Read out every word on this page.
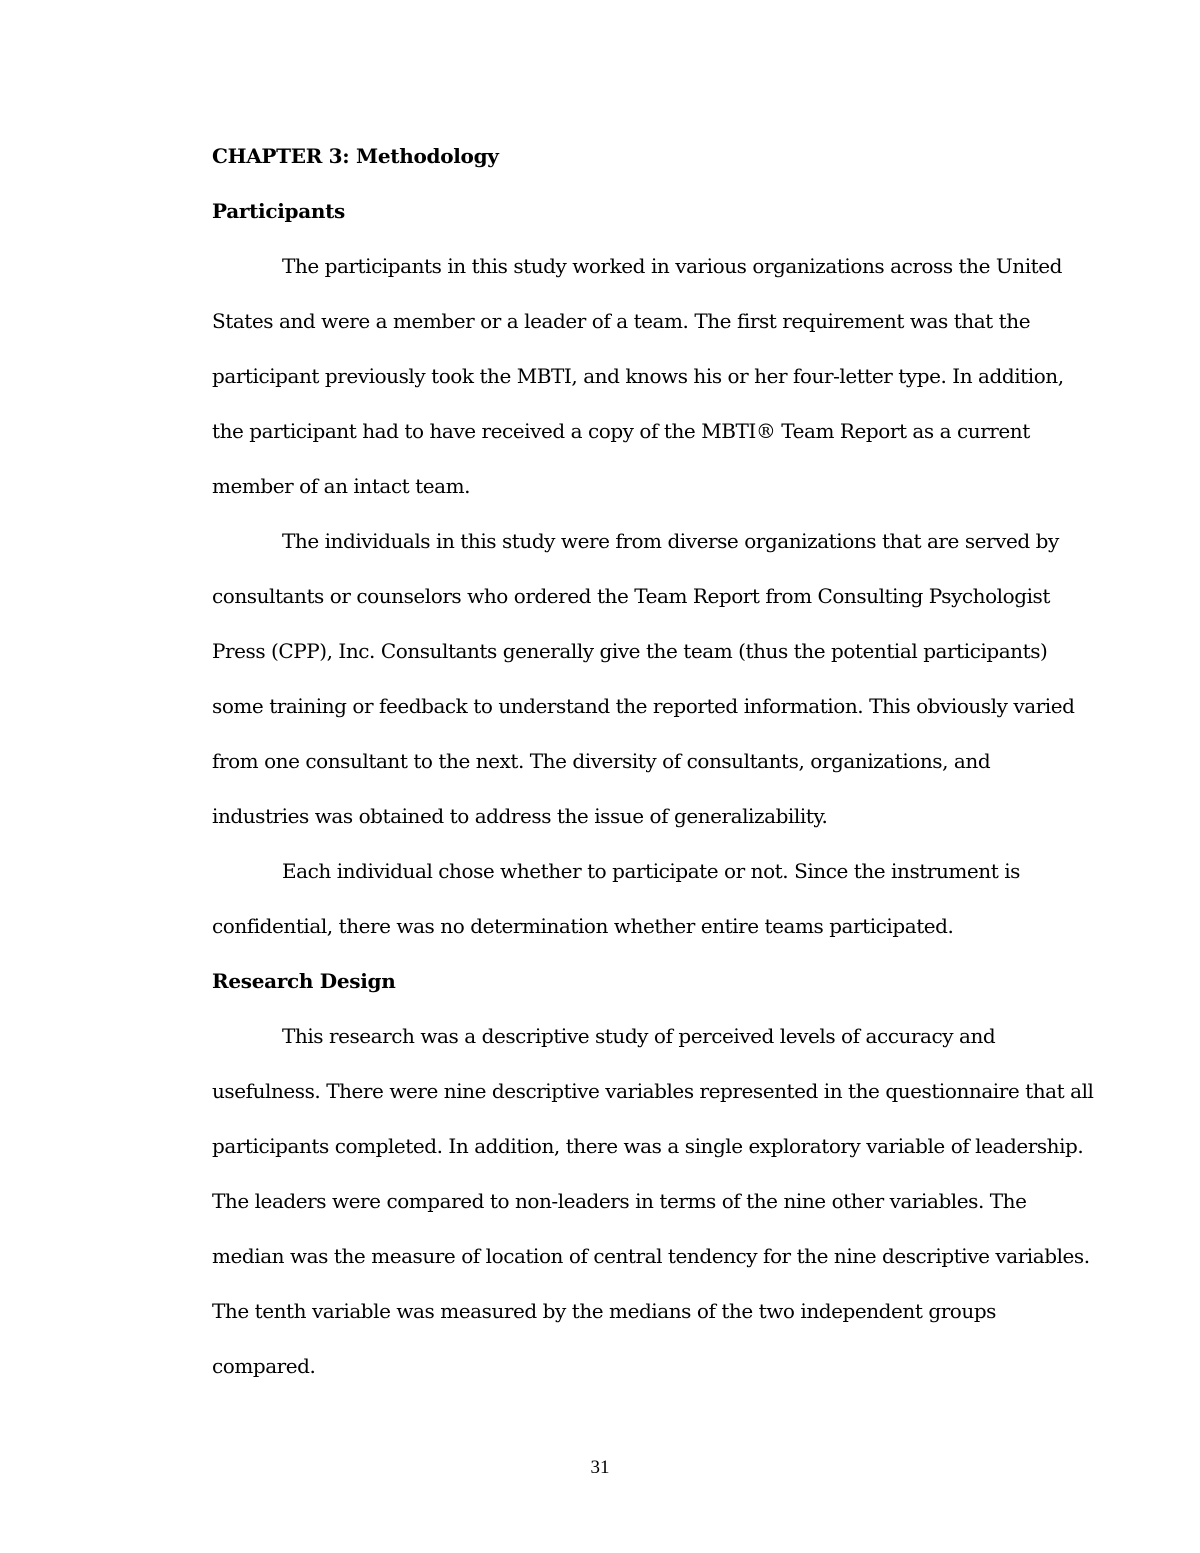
CHAPTER 3: Methodology
Participants
The participants in this study worked in various organizations across the United
States and were a member or a leader of a team. The first requirement was that the
participant previously took the MBTI, and knows his or her four-letter type. In addition,
the participant had to have received a copy of the MBTI® Team Report as a current
member of an intact team.
The individuals in this study were from diverse organizations that are served by
consultants or counselors who ordered the Team Report from Consulting Psychologist
Press (CPP), Inc. Consultants generally give the team (thus the potential participants)
some training or feedback to understand the reported information. This obviously varied
from one consultant to the next. The diversity of consultants, organizations, and
industries was obtained to address the issue of generalizability.
Each individual chose whether to participate or not. Since the instrument is
confidential, there was no determination whether entire teams participated.
Research Design
This research was a descriptive study of perceived levels of accuracy and
usefulness. There were nine descriptive variables represented in the questionnaire that all
participants completed. In addition, there was a single exploratory variable of leadership.
The leaders were compared to non-leaders in terms of the nine other variables. The
median was the measure of location of central tendency for the nine descriptive variables.
The tenth variable was measured by the medians of the two independent groups
compared.
31
